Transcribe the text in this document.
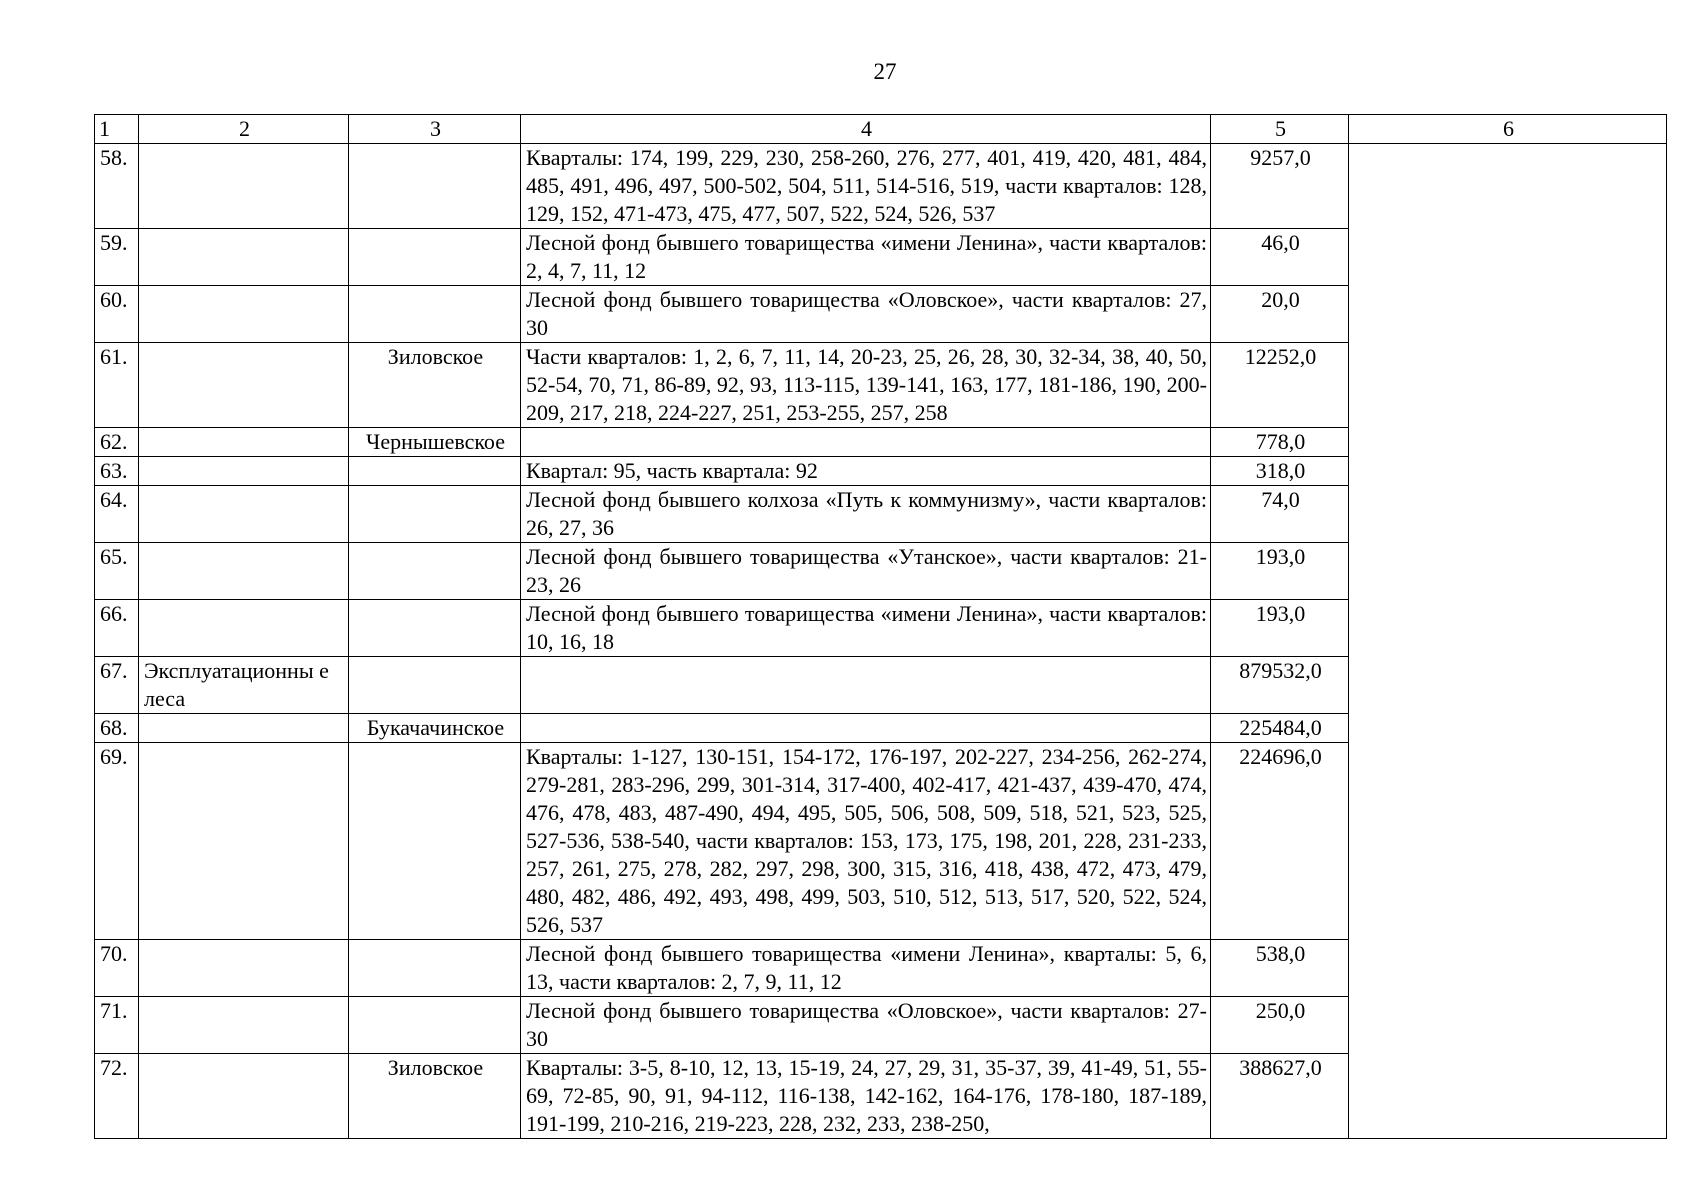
27
1	2	3	4	5	6
58.			Кварталы: 174, 199, 229, 230, 258-260, 276, 277, 401, 419, 420, 481, 484, 485, 491, 496, 497, 500-502, 504, 511, 514-516, 519, части кварталов: 128, 129, 152, 471-473, 475, 477, 507, 522, 524, 526, 537	9257,0	
59.			Лесной фонд бывшего товарищества «имени Ленина», части кварталов: 2, 4, 7, 11, 12	46,0	
60.			Лесной фонд бывшего товарищества «Оловское», части кварталов: 27, 30	20,0	
61.		Зиловское	Части кварталов: 1, 2, 6, 7, 11, 14, 20-23, 25, 26, 28, 30, 32-34, 38, 40, 50, 52-54, 70, 71, 86-89, 92, 93, 113-115, 139-141, 163, 177, 181-186, 190, 200-209, 217, 218, 224-227, 251, 253-255, 257, 258	12252,0	
62.		Чернышевское		778,0	
63.			Квартал: 95, часть квартала: 92	318,0	
64.			Лесной фонд бывшего колхоза «Путь к коммунизму», части кварталов: 26, 27, 36	74,0	
65.			Лесной фонд бывшего товарищества «Утанское», части кварталов: 21-23, 26	193,0	
66.			Лесной фонд бывшего товарищества «имени Ленина», части кварталов: 10, 16, 18	193,0	
67.	Эксплуатационны е леса			879532,0	
68.		Букачачинское		225484,0	
69.			Кварталы: 1-127, 130-151, 154-172, 176-197, 202-227, 234-256, 262-274, 279-281, 283-296, 299, 301-314, 317-400, 402-417, 421-437, 439-470, 474, 476, 478, 483, 487-490, 494, 495, 505, 506, 508, 509, 518, 521, 523, 525, 527-536, 538-540, части кварталов: 153, 173, 175, 198, 201, 228, 231-233, 257, 261, 275, 278, 282, 297, 298, 300, 315, 316, 418, 438, 472, 473, 479, 480, 482, 486, 492, 493, 498, 499, 503, 510, 512, 513, 517, 520, 522, 524, 526, 537	224696,0	
70.			Лесной фонд бывшего товарищества «имени Ленина», кварталы: 5, 6, 13, части кварталов: 2, 7, 9, 11, 12	538,0	
71.			Лесной фонд бывшего товарищества «Оловское», части кварталов: 27-30	250,0	
72.		Зиловское	Кварталы: 3-5, 8-10, 12, 13, 15-19, 24, 27, 29, 31, 35-37, 39, 41-49, 51, 55-69, 72-85, 90, 91, 94-112, 116-138, 142-162, 164-176, 178-180, 187-189, 191-199, 210-216, 219-223, 228, 232, 233, 238-250,	388627,0	
